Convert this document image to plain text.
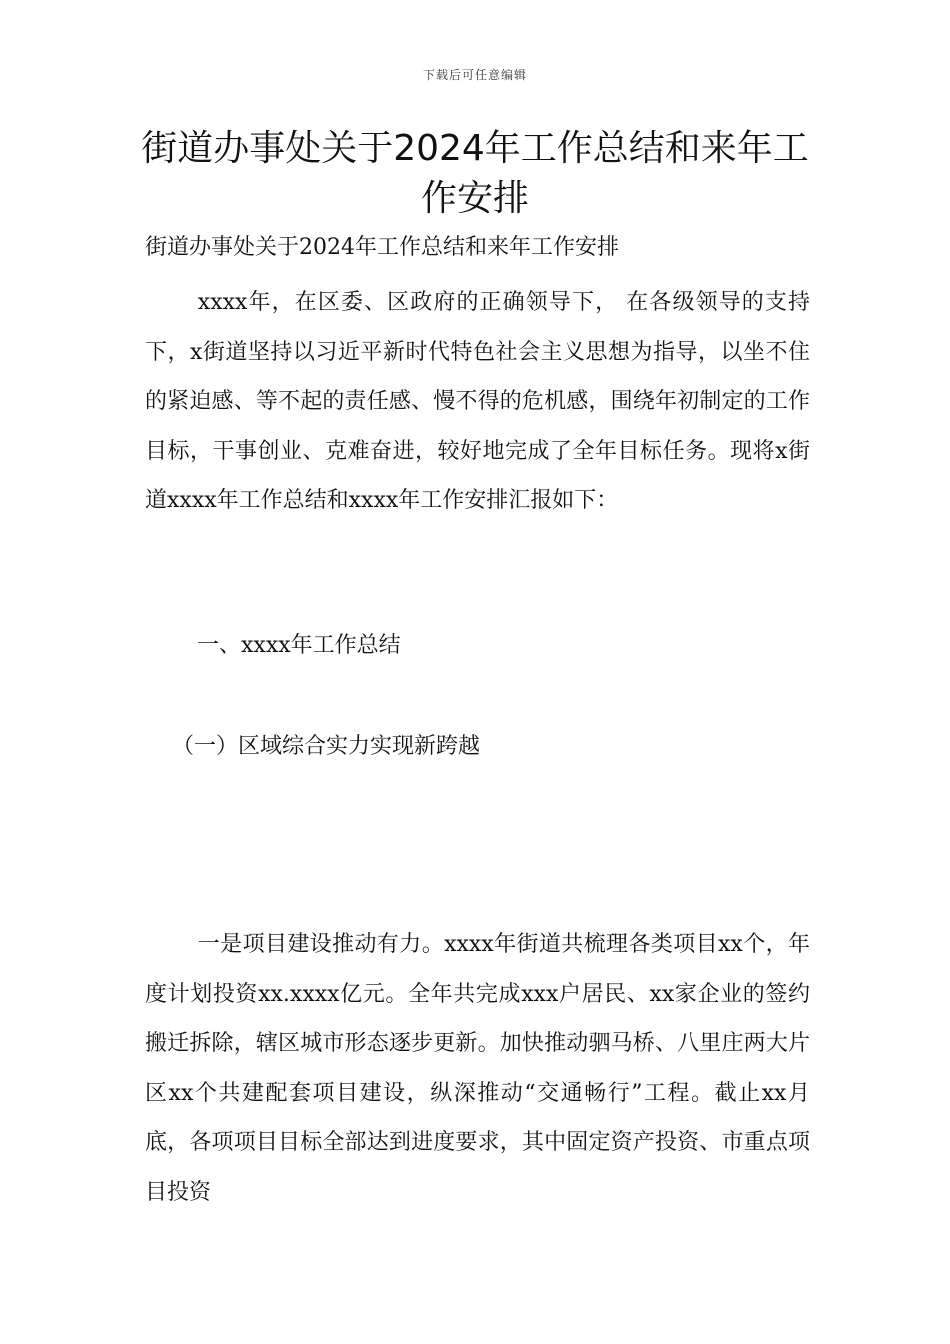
下载后可任意编辑
街道办事处关于2024年工作总结和来年工作安排

街道办事处关于2024年工作总结和来年工作安排

xxxx年，在区委、区政府的正确领导下， 在各级领导的支持下，x街道坚持以习近平新时代特色社会主义思想为指导，以坐不住的紧迫感、等不起的责任感、慢不得的危机感，围绕年初制定的工作目标，干事创业、克难奋进，较好地完成了全年目标任务。现将x街道xxxx年工作总结和xxxx年工作安排汇报如下：

一、xxxx年工作总结

（一）区域综合实力实现新跨越

一是项目建设推动有力。xxxx年街道共梳理各类项目xx个，年度计划投资xx.xxxx亿元。全年共完成xxx户居民、xx家企业的签约搬迁拆除，辖区城市形态逐步更新。加快推动驷马桥、八里庄两大片区xx个共建配套项目建设，纵深推动“交通畅行”工程。截止xx月底，各项项目目标全部达到进度要求，其中固定资产投资、市重点项目投资
